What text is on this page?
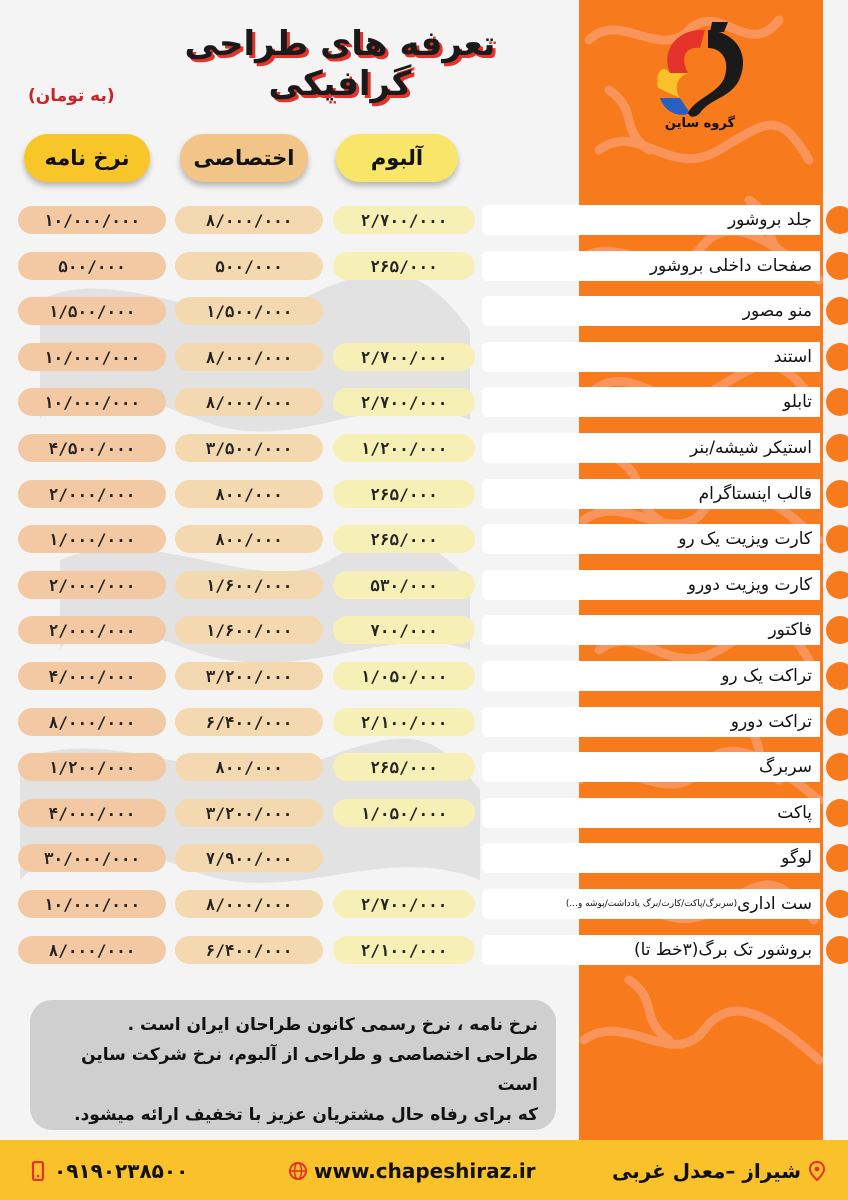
گروه ساین
تعرفه های طراحی گرافیکی
(به تومان)
آلبوم
اختصاصی
نرخ نامه
جلد بروشور
۲/۷۰۰/۰۰۰
۸/۰۰۰/۰۰۰
۱۰/۰۰۰/۰۰۰
صفحات داخلی بروشور
۲۶۵/۰۰۰
۵۰۰/۰۰۰
۵۰۰/۰۰۰
منو مصور
۱/۵۰۰/۰۰۰
۱/۵۰۰/۰۰۰
استند
۲/۷۰۰/۰۰۰
۸/۰۰۰/۰۰۰
۱۰/۰۰۰/۰۰۰
تابلو
۲/۷۰۰/۰۰۰
۸/۰۰۰/۰۰۰
۱۰/۰۰۰/۰۰۰
استیکر شیشه/بنر
۱/۲۰۰/۰۰۰
۳/۵۰۰/۰۰۰
۴/۵۰۰/۰۰۰
قالب اینستاگرام
۲۶۵/۰۰۰
۸۰۰/۰۰۰
۲/۰۰۰/۰۰۰
کارت ویزیت یک رو
۲۶۵/۰۰۰
۸۰۰/۰۰۰
۱/۰۰۰/۰۰۰
کارت ویزیت دورو
۵۳۰/۰۰۰
۱/۶۰۰/۰۰۰
۲/۰۰۰/۰۰۰
فاکتور
۷۰۰/۰۰۰
۱/۶۰۰/۰۰۰
۲/۰۰۰/۰۰۰
تراکت یک رو
۱/۰۵۰/۰۰۰
۳/۲۰۰/۰۰۰
۴/۰۰۰/۰۰۰
تراکت دورو
۲/۱۰۰/۰۰۰
۶/۴۰۰/۰۰۰
۸/۰۰۰/۰۰۰
سربرگ
۲۶۵/۰۰۰
۸۰۰/۰۰۰
۱/۲۰۰/۰۰۰
پاکت
۱/۰۵۰/۰۰۰
۳/۲۰۰/۰۰۰
۴/۰۰۰/۰۰۰
لوگو
۷/۹۰۰/۰۰۰
۳۰/۰۰۰/۰۰۰
ست اداری
(سربرگ/پاکت/کارت/برگ یادداشت/پوشه و...)
۲/۷۰۰/۰۰۰
۸/۰۰۰/۰۰۰
۱۰/۰۰۰/۰۰۰
بروشور تک برگ(۳خط تا)
۲/۱۰۰/۰۰۰
۶/۴۰۰/۰۰۰
۸/۰۰۰/۰۰۰
نرخ نامه ، نرخ رسمی کانون طراحان ایران است .
طراحی اختصاصی و طراحی از آلبوم، نرخ شرکت ساین است
که برای رفاه حال مشتریان عزیز با تخفیف ارائه میشود.
۰۹۱۹۰۲۳۸۵۰۰	www.chapeshiraz.ir	شیراز –معدل غربی
